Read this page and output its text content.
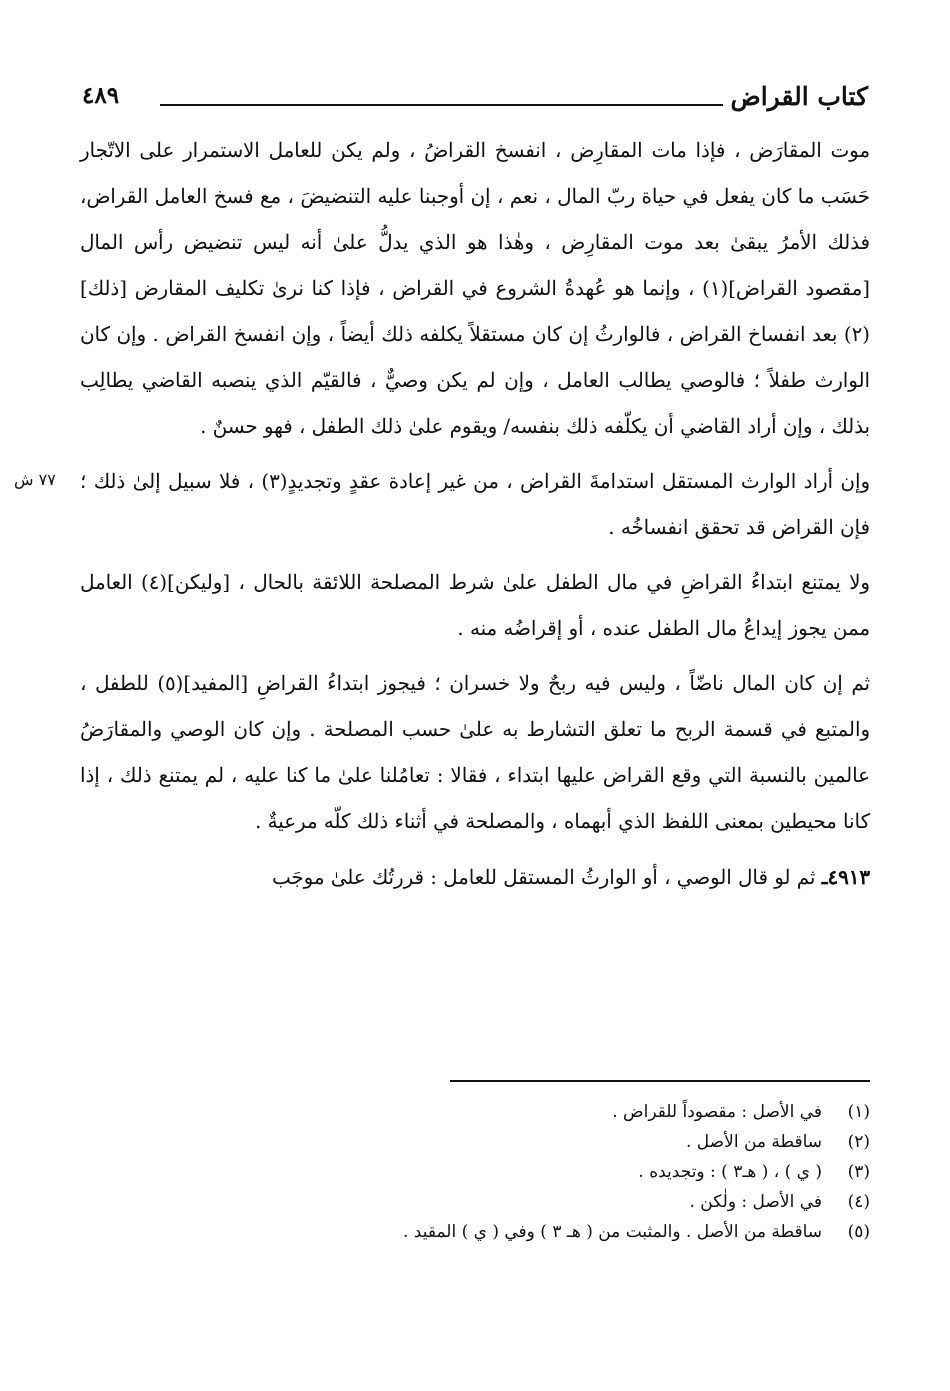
كتاب القراض
٤٨٩
٧٧ ش

موت المقارَض ، فإذا مات المقارِض ، انفسخ القراضُ ، ولم يكن للعامل الاستمرار على الاتّجار حَسَب ما كان يفعل في حياة ربّ المال ، نعم ، إن أوجبنا عليه التنضيضَ ، مع فسخ العامل القراض، فذلك الأمرُ يبقىٰ بعد موت المقارِض ، وهٰذا هو الذي يدلُّ علىٰ أنه ليس تنضيض رأس المال [مقصود القراض](١) ، وإنما هو عُهدةُ الشروع في القراض ، فإذا كنا نرىٰ تكليف المقارض [ذلك](٢) بعد انفساخ القراض ، فالوارثُ إن كان مستقلاً يكلفه ذلك أيضاً ، وإن انفسخ القراض . وإن كان الوارث طفلاً ؛ فالوصي يطالب العامل ، وإن لم يكن وصيٌّ ، فالقيّم الذي ينصبه القاضي يطالِب بذلك ، وإن أراد القاضي أن يكلّفه ذلك بنفسه/ ويقوم علىٰ ذلك الطفل ، فهو حسنٌ .

وإن أراد الوارث المستقل استدامةَ القراض ، من غير إعادة عقدٍ وتجديدٍ(٣) ، فلا سبيل إلىٰ ذلك ؛ فإن القراض قد تحقق انفساخُه .

ولا يمتنع ابتداءُ القراضِ في مال الطفل علىٰ شرط المصلحة اللائقة بالحال ، [وليكن](٤) العامل ممن يجوز إيداعُ مال الطفل عنده ، أو إقراضُه منه .

ثم إن كان المال ناضّاً ، وليس فيه ربحٌ ولا خسران ؛ فيجوز ابتداءُ القراضِ [المفيد](٥) للطفل ، والمتبع في قسمة الربح ما تعلق التشارط به علىٰ حسب المصلحة . وإن كان الوصي والمقارَضُ عالمين بالنسبة التي وقع القراض عليها ابتداء ، فقالا : تعامُلنا علىٰ ما كنا عليه ، لم يمتنع ذلك ، إذا كانا محيطين بمعنى اللفظ الذي أبهماه ، والمصلحة في أثناء ذلك كلّه مرعيةٌ .

٤٩١٣ـ ثم لو قال الوصي ، أو الوارثُ المستقل للعامل : قررتُك علىٰ موجَب

(١)في الأصل : مقصوداً للقراض .
(٢)ساقطة من الأصل .
(٣)( ي ) ، ( هـ٣ ) : وتجديده .
(٤)في الأصل : ولٰكن .
(٥)ساقطة من الأصل . والمثبت من ( هـ ٣ ) وفي ( ي ) المقيد .
